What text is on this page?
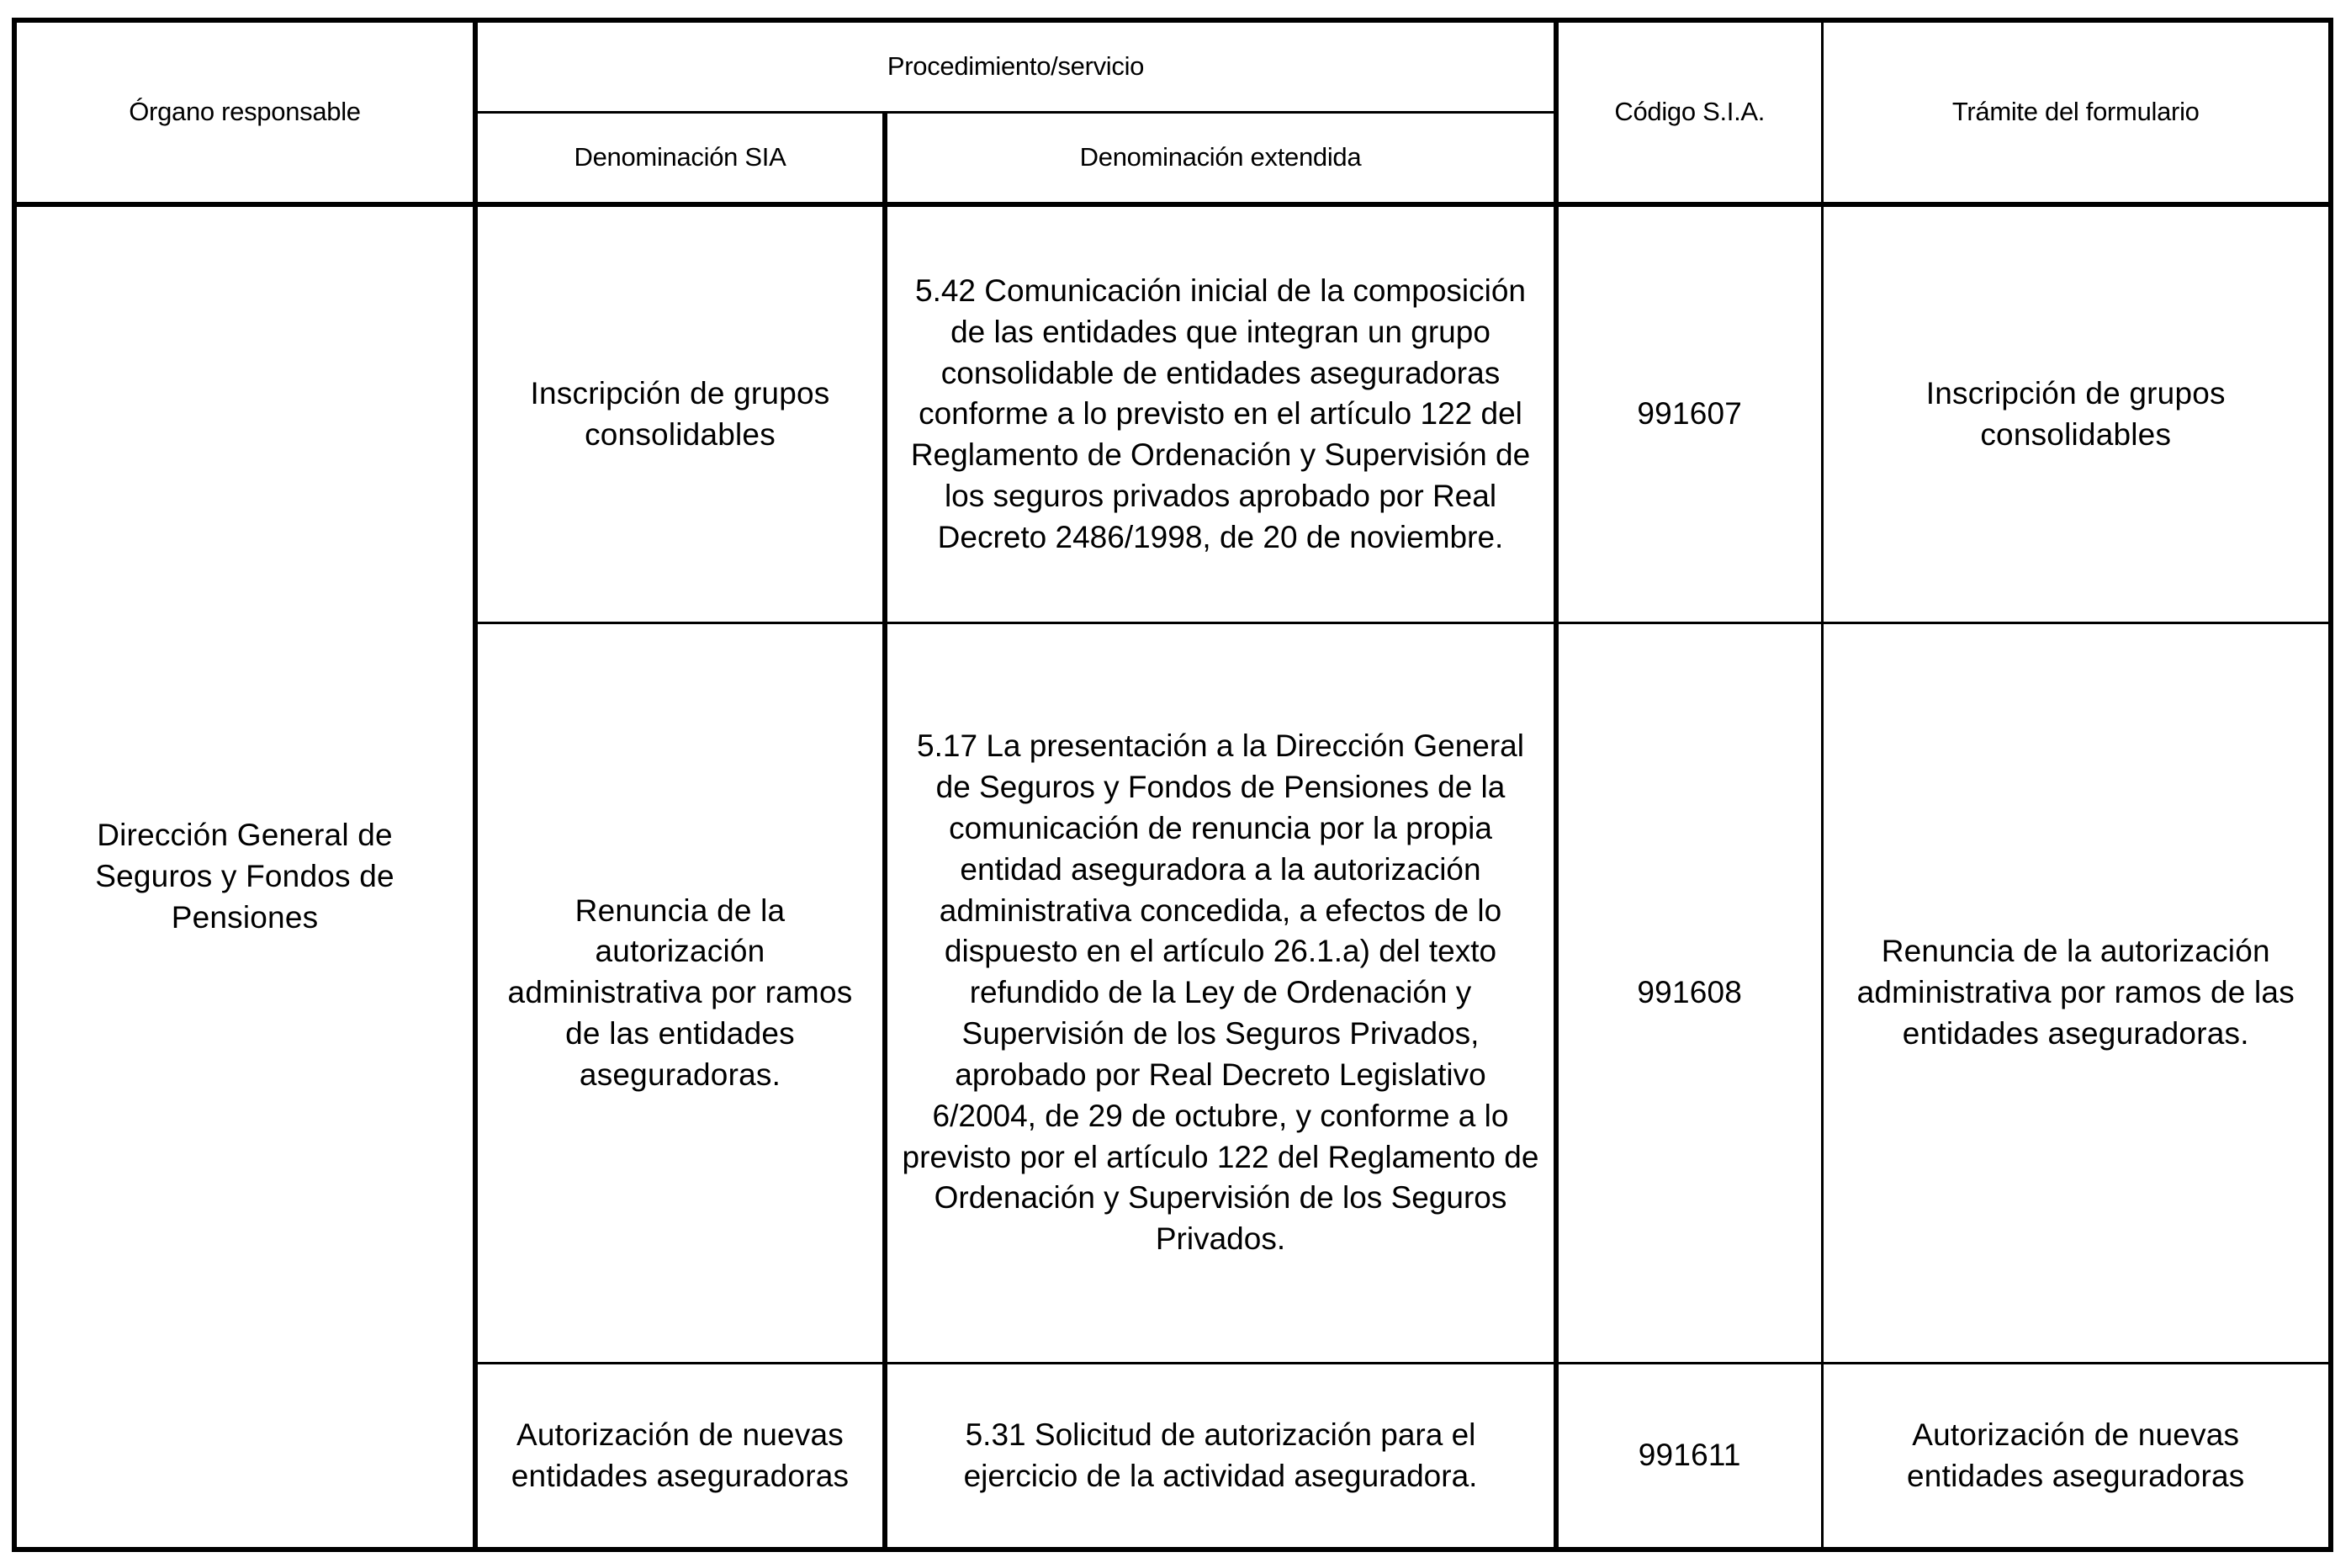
Órgano responsable	Procedimiento/servicio		Código S.I.A.	Trámite del formulario
	Denominación SIA	Denominación extendida		
Dirección General de Seguros y Fondos de Pensiones	Inscripción de grupos consolidables	5.42 Comunicación inicial de la composición de las entidades que integran un grupo consolidable de entidades aseguradoras conforme a lo previsto en el artículo 122 del Reglamento de Ordenación y Supervisión de los seguros privados aprobado por Real Decreto 2486/1998, de 20 de noviembre.	991607	Inscripción de grupos consolidables
	Renuncia de la autorización administrativa por ramos de las entidades aseguradoras.	5.17 La presentación a la Dirección General de Seguros y Fondos de Pensiones de la comunicación de renuncia por la propia entidad aseguradora a la autorización administrativa concedida, a efectos de lo dispuesto en el artículo 26.1.a) del texto refundido de la Ley de Ordenación y Supervisión de los Seguros Privados, aprobado por Real Decreto Legislativo 6/2004, de 29 de octubre, y conforme a lo previsto por el artículo 122 del Reglamento de Ordenación y Supervisión de los Seguros Privados.	991608	Renuncia de la autorización administrativa por ramos de las entidades aseguradoras.
	Autorización de nuevas entidades aseguradoras	5.31 Solicitud de autorización para el ejercicio de la actividad aseguradora.	991611	Autorización de nuevas entidades aseguradoras
